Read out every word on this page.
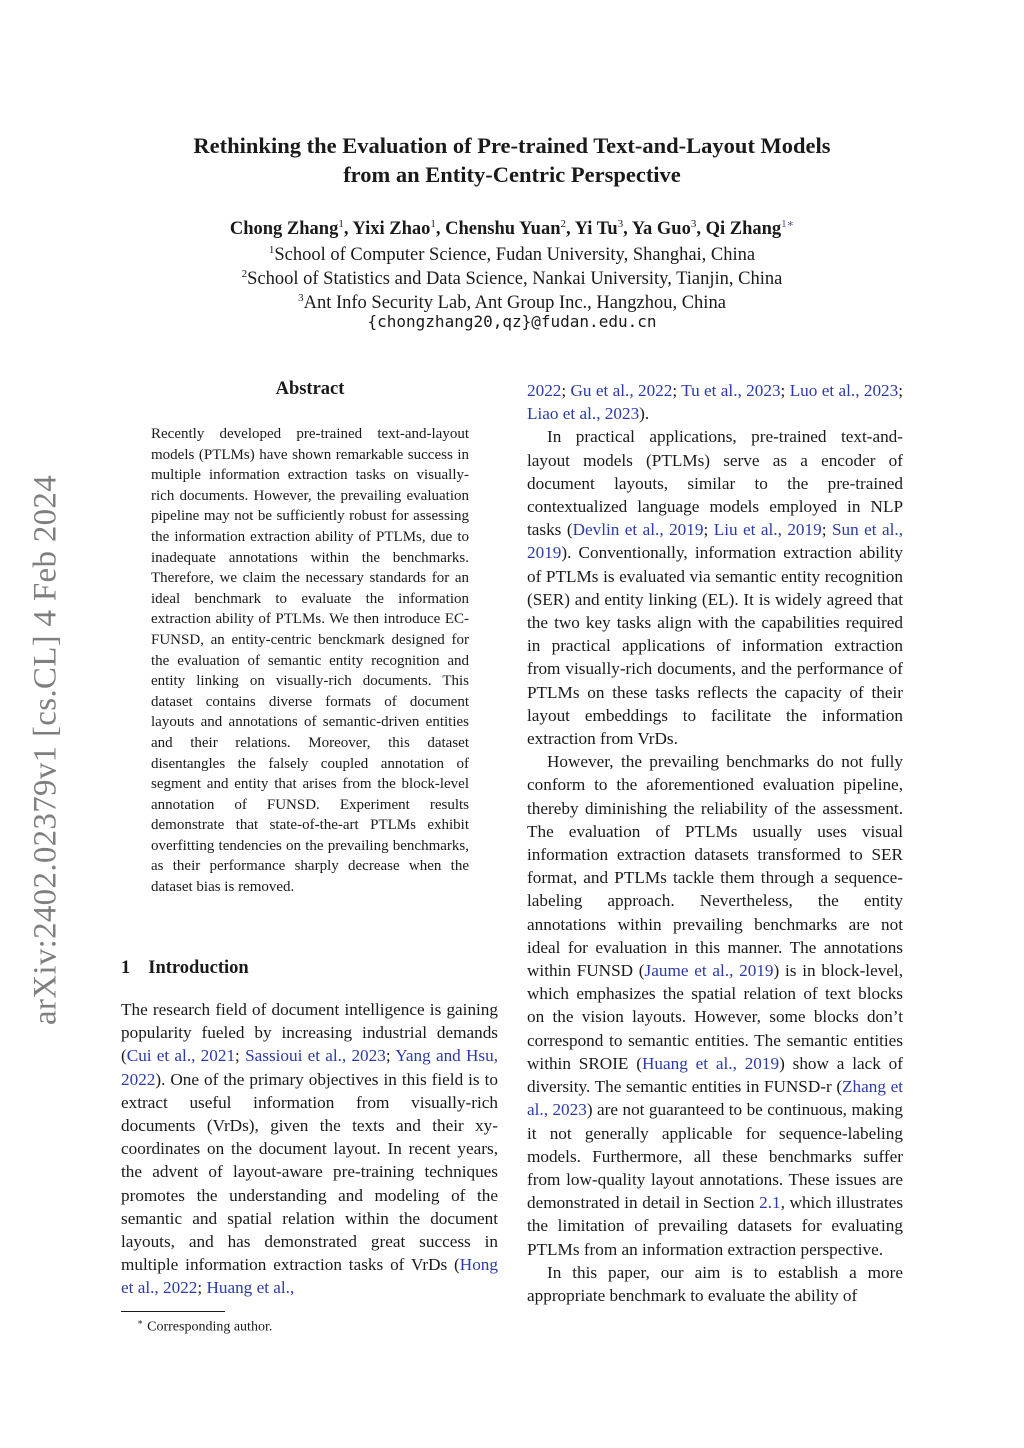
arXiv:2402.02379v1 [cs.CL] 4 Feb 2024
Rethinking the Evaluation of Pre-trained Text-and-Layout Models
from an Entity-Centric Perspective
Chong Zhang$^1$, Yixi Zhao$^1$, Chenshu Yuan$^2$, Yi Tu$^3$, Ya Guo$^3$, Qi Zhang$^{1∗}$
$^1$School of Computer Science, Fudan University, Shanghai, China
$^2$School of Statistics and Data Science, Nankai University, Tianjin, China
$^3$Ant Info Security Lab, Ant Group Inc., Hangzhou, China
{chongzhang20,qz}@fudan.edu.cn
Abstract
Recently developed pre-trained text-and-layout models (PTLMs) have shown remarkable success in multiple information extraction tasks on visually-rich documents. However, the prevailing evaluation pipeline may not be sufficiently robust for assessing the information extraction ability of PTLMs, due to inadequate annotations within the benchmarks. Therefore, we claim the necessary standards for an ideal benchmark to evaluate the information extraction ability of PTLMs. We then introduce EC-FUNSD, an entity-centric benckmark designed for the evaluation of semantic entity recognition and entity linking on visually-rich documents. This dataset contains diverse formats of document layouts and annotations of semantic-driven entities and their relations. Moreover, this dataset disentangles the falsely coupled annotation of segment and entity that arises from the block-level annotation of FUNSD. Experiment results demonstrate that state-of-the-art PTLMs exhibit overfitting tendencies on the prevailing benchmarks, as their performance sharply decrease when the dataset bias is removed.
1 Introduction

The research field of document intelligence is gaining popularity fueled by increasing industrial demands (Cui et al., 2021; Sassioui et al., 2023; Yang and Hsu, 2022). One of the primary objectives in this field is to extract useful information from visually-rich documents (VrDs), given the texts and their xy-coordinates on the document layout. In recent years, the advent of layout-aware pre-training techniques promotes the understanding and modeling of the semantic and spatial relation within the document layouts, and has demonstrated great success in multiple information extraction tasks of VrDs (Hong et al., 2022; Huang et al.,

2022; Gu et al., 2022; Tu et al., 2023; Luo et al., 2023; Liao et al., 2023).

In practical applications, pre-trained text-and-layout models (PTLMs) serve as a encoder of document layouts, similar to the pre-trained contextualized language models employed in NLP tasks (Devlin et al., 2019; Liu et al., 2019; Sun et al., 2019). Conventionally, information extraction ability of PTLMs is evaluated via semantic entity recognition (SER) and entity linking (EL). It is widely agreed that the two key tasks align with the capabilities required in practical applications of information extraction from visually-rich documents, and the performance of PTLMs on these tasks reflects the capacity of their layout embeddings to facilitate the information extraction from VrDs.

However, the prevailing benchmarks do not fully conform to the aforementioned evaluation pipeline, thereby diminishing the reliability of the assessment. The evaluation of PTLMs usually uses visual information extraction datasets transformed to SER format, and PTLMs tackle them through a sequence-labeling approach. Nevertheless, the entity annotations within prevailing benchmarks are not ideal for evaluation in this manner. The annotations within FUNSD (Jaume et al., 2019) is in block-level, which emphasizes the spatial relation of text blocks on the vision layouts. However, some blocks don’t correspond to semantic entities. The semantic entities within SROIE (Huang et al., 2019) show a lack of diversity. The semantic entities in FUNSD-r (Zhang et al., 2023) are not guaranteed to be continuous, making it not generally applicable for sequence-labeling models. Furthermore, all these benchmarks suffer from low-quality layout annotations. These issues are demonstrated in detail in Section 2.1, which illustrates the limitation of prevailing datasets for evaluating PTLMs from an information extraction perspective.

In this paper, our aim is to establish a more appropriate benchmark to evaluate the ability of

∗ Corresponding author.
